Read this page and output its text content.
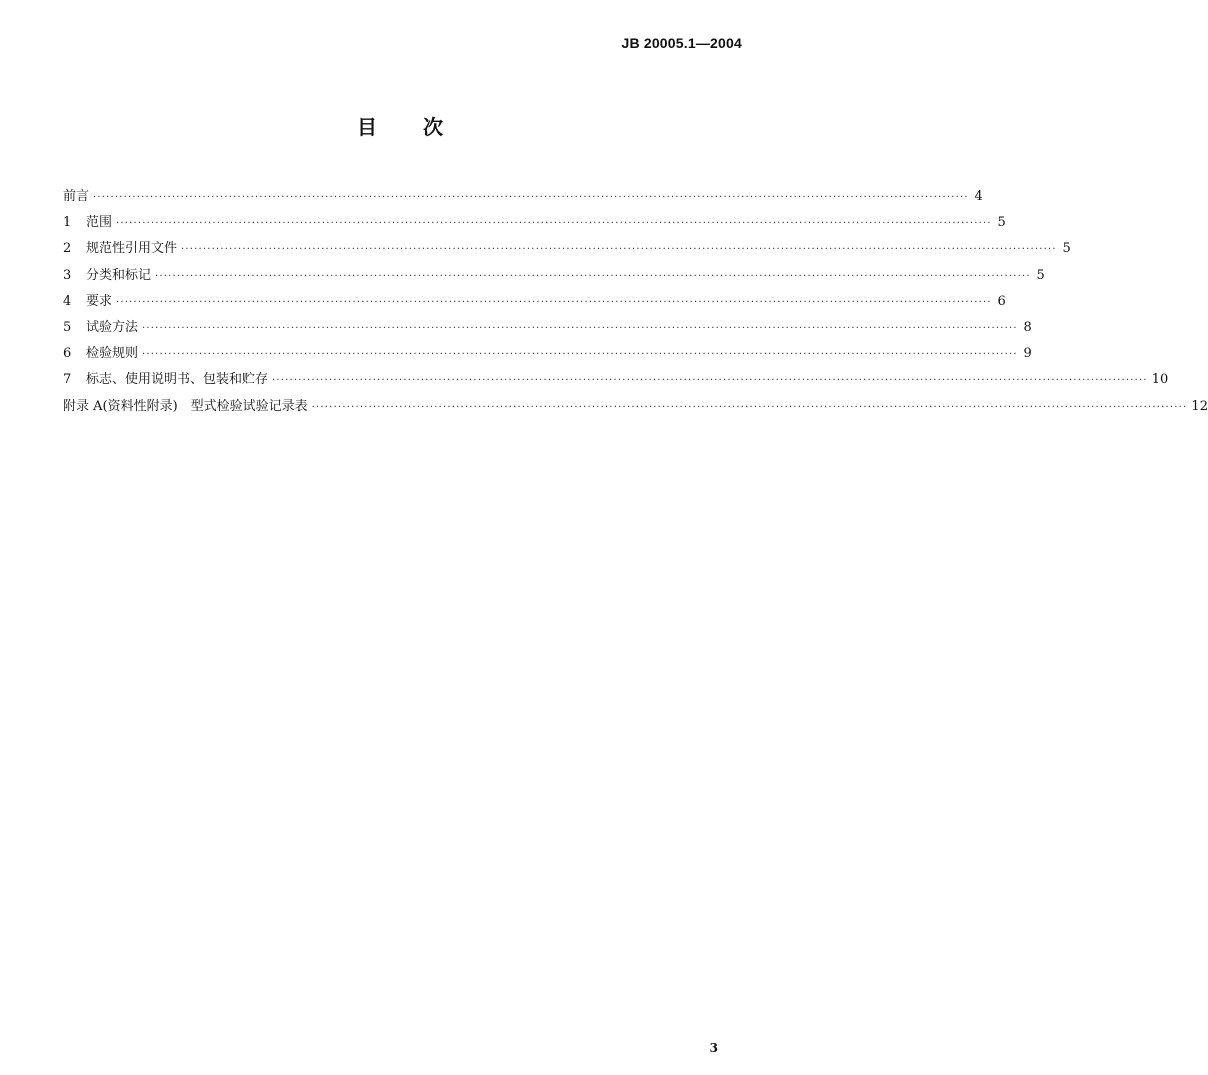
JB 20005.1—2004
目 次
前言 ········································································································································································································ 4
1	范围 ········································································································································································································ 5
2	规范性引用文件 ········································································································································································································ 5
3	分类和标记 ········································································································································································································ 5
4	要求 ········································································································································································································ 6
5	试验方法 ········································································································································································································ 8
6	检验规则 ········································································································································································································ 9
7	标志、使用说明书、包装和贮存 ········································································································································································································ 10
附录 A(资料性附录)　型式检验试验记录表 ········································································································································································································ 12
3
